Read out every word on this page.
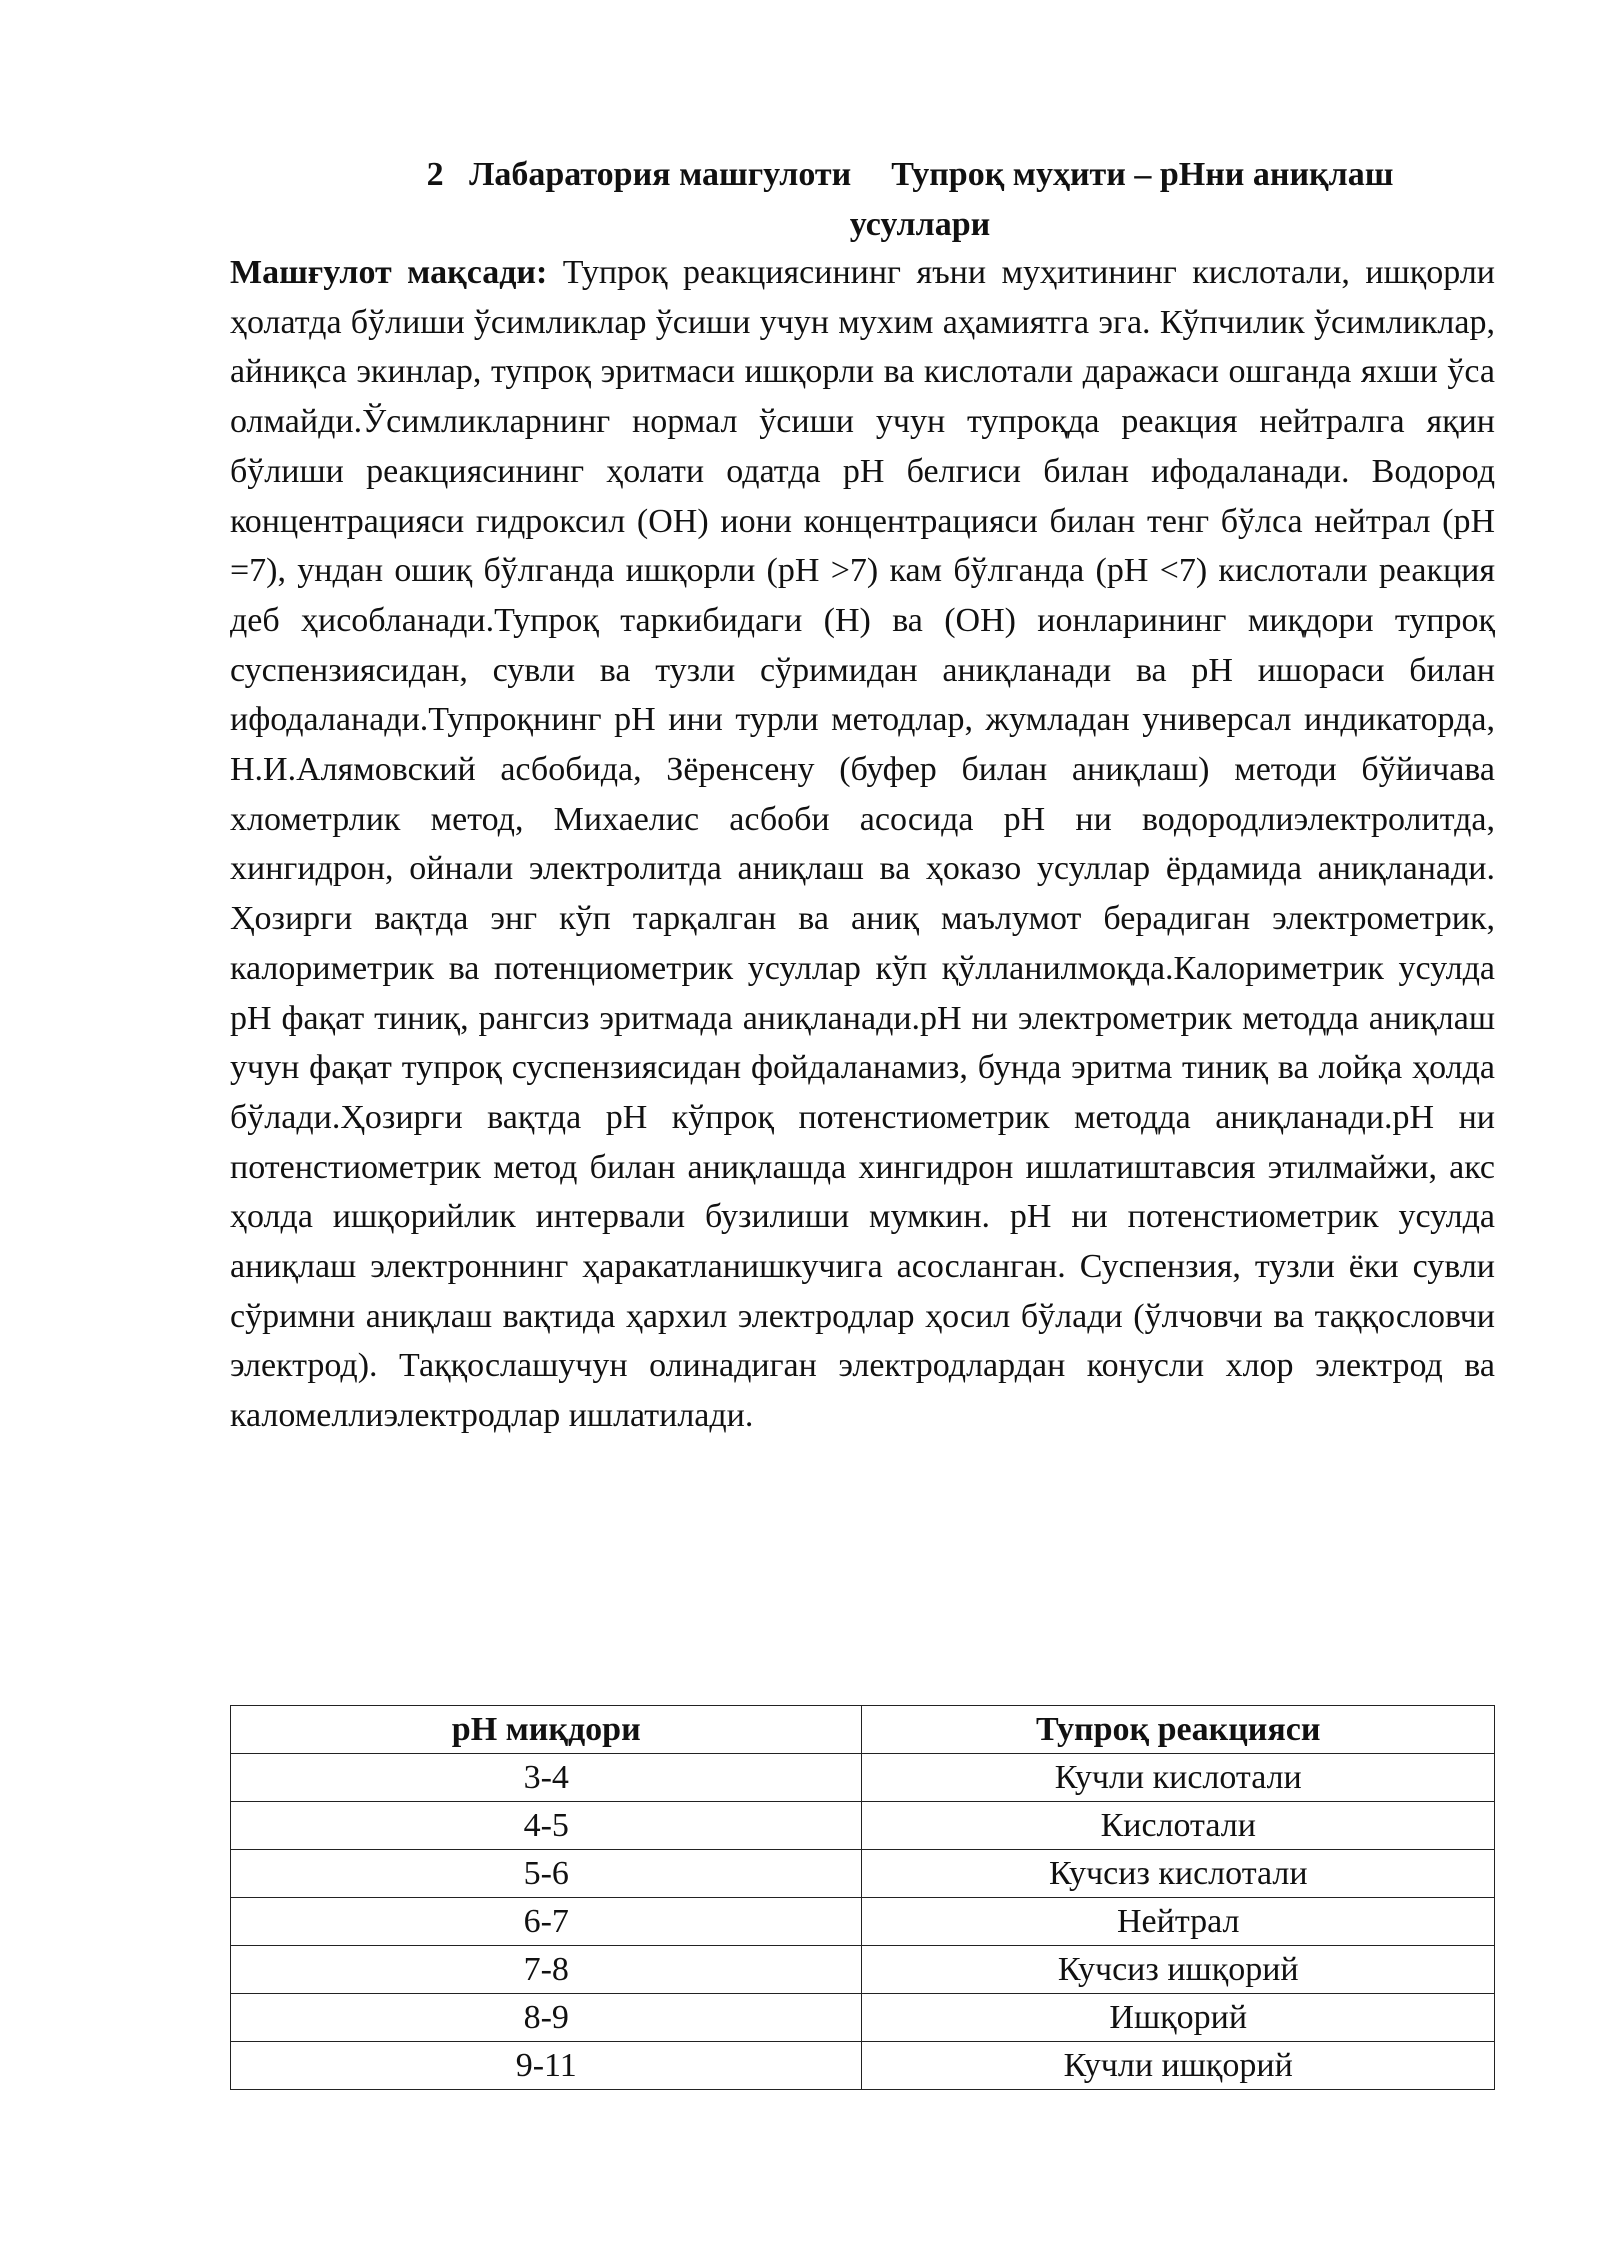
2 Лабаратория машгулоти Тупроқ муҳити – рНни аниқлаш
усуллари

Машғулот мақсади: Тупроқ реакциясининг яъни муҳитининг кислотали, ишқорли ҳолатда бўлиши ўсимликлар ўсиши учун мухим аҳамиятга эга. Кўпчилик ўсимликлар, айниқса экинлар, тупроқ эритмаси ишқорли ва кислотали даражаси ошганда яхши ўса олмайди.Ўсимликларнинг нормал ўсиши учун тупроқда реакция нейтралга яқин бўлиши реакциясининг ҳолати одатда рН белгиси билан ифодаланади. Водород концентрацияси гидроксил (ОН) иони концентрацияси билан тенг бўлса нейтрал (рН =7), ундан ошиқ бўлганда ишқорли (рН >7) кам бўлганда (рН <7) кислотали реакция деб ҳисобланади.Тупроқ таркибидаги (Н) ва (ОН) ионларининг миқдори тупроқ суспензиясидан, сувли ва тузли сўримидан аниқланади ва рН ишораси билан ифодаланади.Тупроқнинг рН ини турли методлар, жумладан универсал индикаторда, Н.И.Алямовский асбобида, Зёренсену (буфер билан аниқлаш) методи бўйичава хлометрлик метод, Михаелис асбоби асосида рН ни водородлиэлектролитда, хингидрон, ойнали электролитда аниқлаш ва ҳоказо усуллар ёрдамида аниқланади. Ҳозирги вақтда энг кўп тарқалган ва аниқ маълумот берадиган электрометрик, калориметрик ва потенциометрик усуллар кўп қўлланилмоқда.Калориметрик усулда рН фақат тиниқ, рангсиз эритмада аниқланади.рН ни электрометрик методда аниқлаш учун фақат тупроқ суспензиясидан фойдаланамиз, бунда эритма тиниқ ва лойқа ҳолда бўлади.Ҳозирги вақтда рН кўпроқ потенстиометрик методда аниқланади.рН ни потенстиометрик метод билан аниқлашда хингидрон ишлатиштавсия этилмайжи, акс ҳолда ишқорийлик интервали бузилиши мумкин. рН ни потенстиометрик усулда аниқлаш электроннинг ҳаракатланишкучига асосланган. Суспензия, тузли ёки сувли сўримни аниқлаш вақтида ҳархил электродлар ҳосил бўлади (ўлчовчи ва таққословчи электрод). Таққослашучун олинадиган электродлардан конусли хлор электрод ва каломеллиэлектродлар ишлатилади.

рН миқдори	Тупроқ реакцияси
3-4	Кучли кислотали
4-5	Кислотали
5-6	Кучсиз кислотали
6-7	Нейтрал
7-8	Кучсиз ишқорий
8-9	Ишқорий
9-11	Кучли ишқорий
